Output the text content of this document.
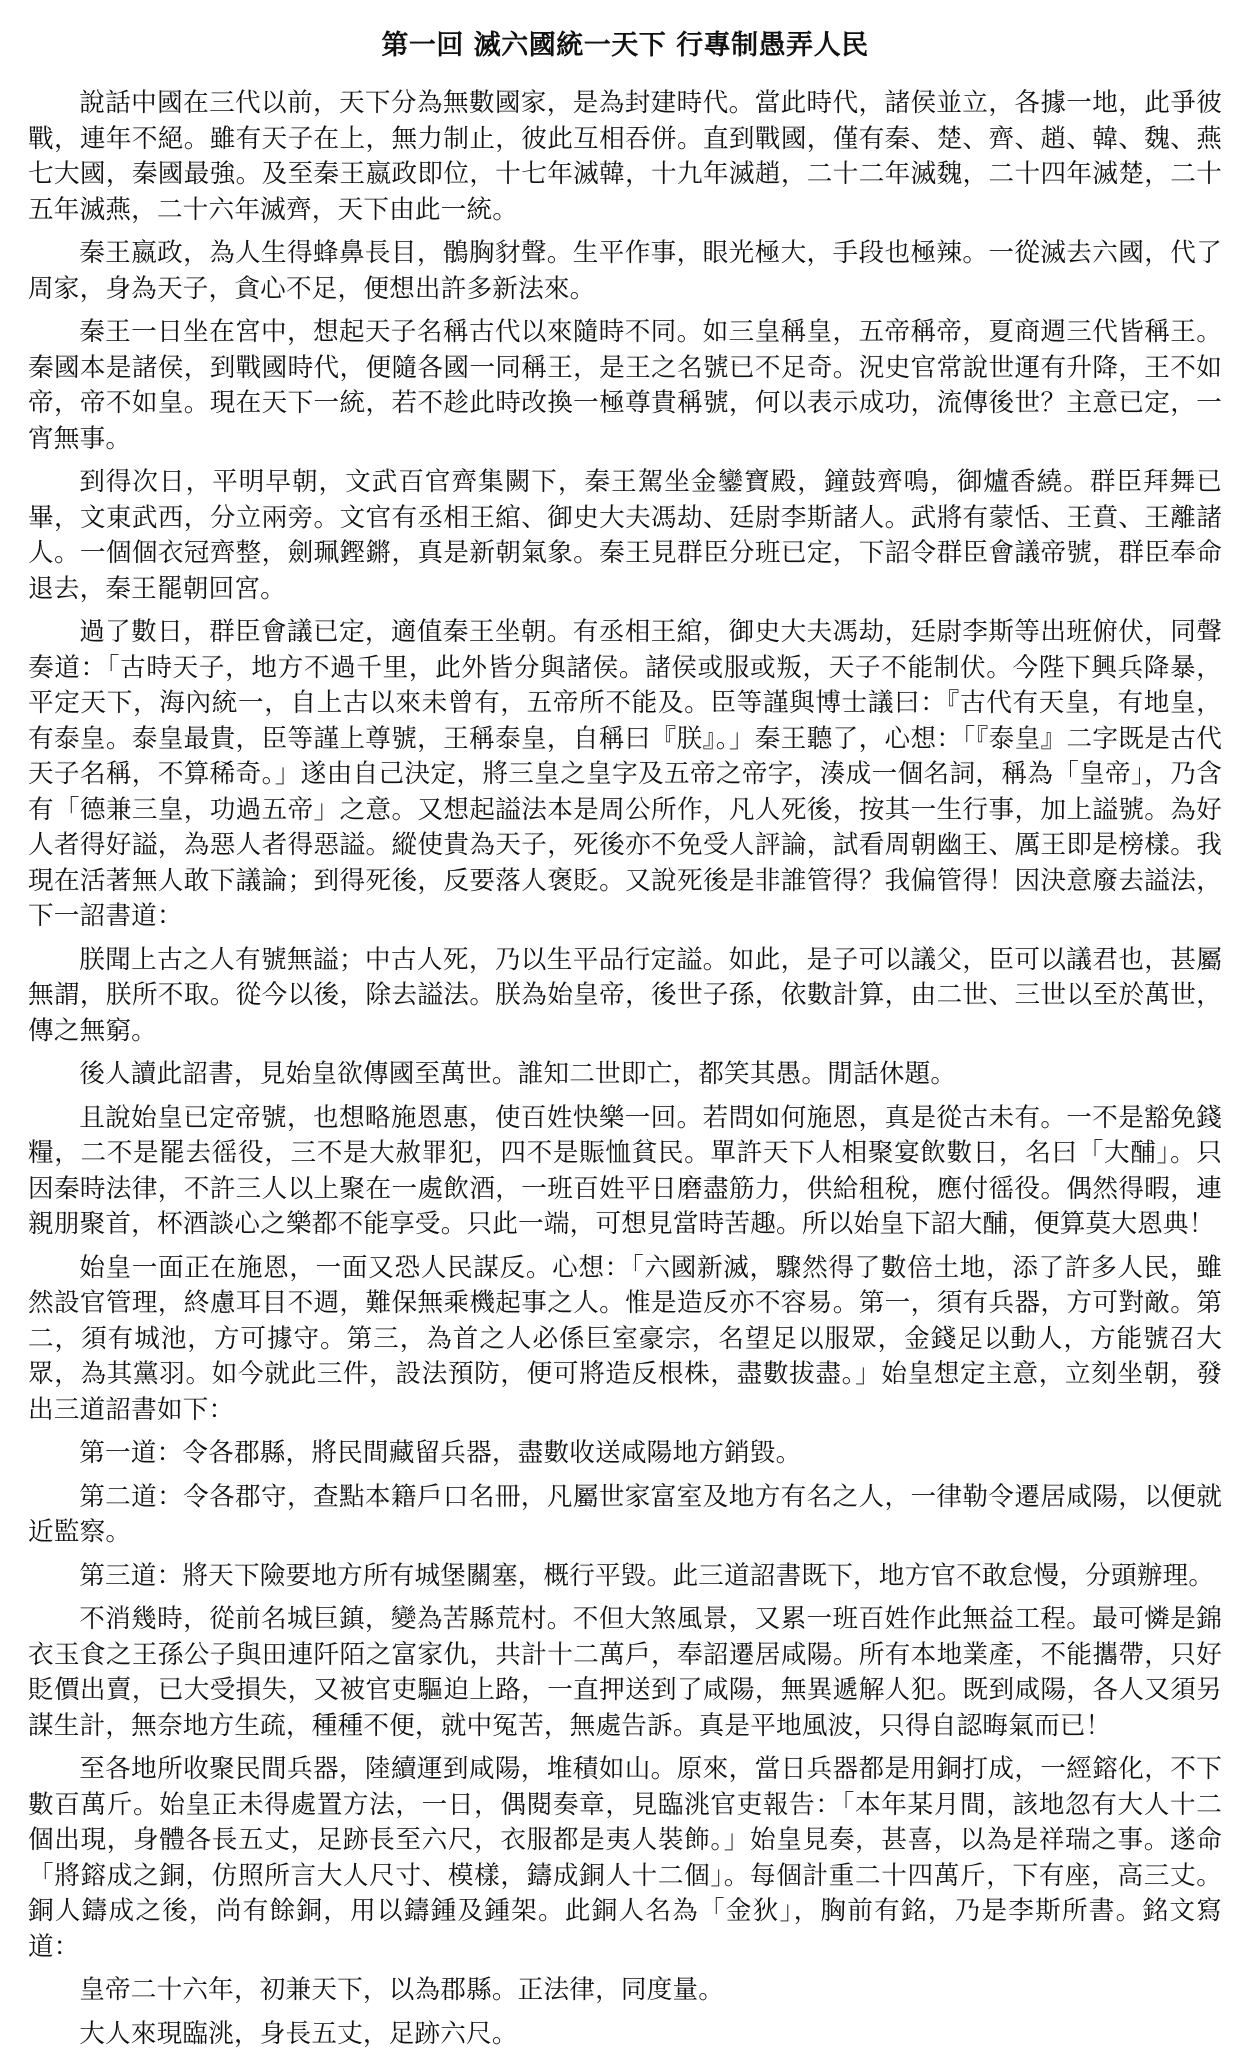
第一回 滅六國統一天下 行專制愚弄人民

說話中國在三代以前，天下分為無數國家，是為封建時代。當此時代，諸侯並立，各據一地，此爭彼戰，連年不絕。雖有天子在上，無力制止，彼此互相吞併。直到戰國，僅有秦、楚、齊、趙、韓、魏、燕七大國，秦國最強。及至秦王嬴政即位，十七年滅韓，十九年滅趙，二十二年滅魏，二十四年滅楚，二十五年滅燕，二十六年滅齊，天下由此一統。

秦王嬴政，為人生得蜂鼻長目，鶻胸豺聲。生平作事，眼光極大，手段也極辣。一從滅去六國，代了周家，身為天子，貪心不足，便想出許多新法來。

秦王一日坐在宮中，想起天子名稱古代以來隨時不同。如三皇稱皇，五帝稱帝，夏商週三代皆稱王。秦國本是諸侯，到戰國時代，便隨各國一同稱王，是王之名號已不足奇。況史官常說世運有升降，王不如帝，帝不如皇。現在天下一統，若不趁此時改換一極尊貴稱號，何以表示成功，流傳後世？主意已定，一宵無事。

到得次日，平明早朝，文武百官齊集闕下，秦王駕坐金鑾寶殿，鐘鼓齊鳴，御爐香繞。群臣拜舞已畢，文東武西，分立兩旁。文官有丞相王綰、御史大夫馮劫、廷尉李斯諸人。武將有蒙恬、王賁、王離諸人。一個個衣冠齊整，劍珮鏗鏘，真是新朝氣象。秦王見群臣分班已定，下詔令群臣會議帝號，群臣奉命退去，秦王罷朝回宮。

過了數日，群臣會議已定，適值秦王坐朝。有丞相王綰，御史大夫馮劫，廷尉李斯等出班俯伏，同聲奏道：「古時天子，地方不過千里，此外皆分與諸侯。諸侯或服或叛，天子不能制伏。今陛下興兵降暴，平定天下，海內統一，自上古以來未曾有，五帝所不能及。臣等謹與博士議曰：『古代有天皇，有地皇，有泰皇。泰皇最貴，臣等謹上尊號，王稱泰皇，自稱曰『朕』。」秦王聽了，心想：「『泰皇』二字既是古代天子名稱，不算稀奇。」遂由自己決定，將三皇之皇字及五帝之帝字，湊成一個名詞，稱為「皇帝」，乃含有「德兼三皇，功過五帝」之意。又想起謚法本是周公所作，凡人死後，按其一生行事，加上謚號。為好人者得好謚，為惡人者得惡謚。縱使貴為天子，死後亦不免受人評論，試看周朝幽王、厲王即是榜樣。我現在活著無人敢下議論；到得死後，反要落人褒貶。又說死後是非誰管得？我偏管得！因決意廢去謚法，下一詔書道：

朕聞上古之人有號無謚；中古人死，乃以生平品行定謚。如此，是子可以議父，臣可以議君也，甚屬無謂，朕所不取。從今以後，除去謚法。朕為始皇帝，後世子孫，依數計算，由二世、三世以至於萬世，傳之無窮。

後人讀此詔書，見始皇欲傳國至萬世。誰知二世即亡，都笑其愚。閒話休題。

且說始皇已定帝號，也想略施恩惠，使百姓快樂一回。若問如何施恩，真是從古未有。一不是豁免錢糧，二不是罷去徭役，三不是大赦罪犯，四不是賑恤貧民。單許天下人相聚宴飲數日，名曰「大酺」。只因秦時法律，不許三人以上聚在一處飲酒，一班百姓平日磨盡筋力，供給租稅，應付徭役。偶然得暇，連親朋聚首，杯酒談心之樂都不能享受。只此一端，可想見當時苦趣。所以始皇下詔大酺，便算莫大恩典！

始皇一面正在施恩，一面又恐人民謀反。心想：「六國新滅，驟然得了數倍土地，添了許多人民，雖然設官管理，終慮耳目不週，難保無乘機起事之人。惟是造反亦不容易。第一，須有兵器，方可對敵。第二，須有城池，方可據守。第三，為首之人必係巨室豪宗，名望足以服眾，金錢足以動人，方能號召大眾，為其黨羽。如今就此三件，設法預防，便可將造反根株，盡數拔盡。」始皇想定主意，立刻坐朝，發出三道詔書如下：

第一道：令各郡縣，將民間藏留兵器，盡數收送咸陽地方銷毀。

第二道：令各郡守，查點本籍戶口名冊，凡屬世家富室及地方有名之人，一律勒令遷居咸陽，以便就近監察。

第三道：將天下險要地方所有城堡關塞，概行平毀。此三道詔書既下，地方官不敢怠慢，分頭辦理。

不消幾時，從前名城巨鎮，變為苦縣荒村。不但大煞風景，又累一班百姓作此無益工程。最可憐是錦衣玉食之王孫公子與田連阡陌之富家仇，共計十二萬戶，奉詔遷居咸陽。所有本地業產，不能攜帶，只好貶價出賣，已大受損失，又被官吏驅迫上路，一直押送到了咸陽，無異遞解人犯。既到咸陽，各人又須另謀生計，無奈地方生疏，種種不便，就中冤苦，無處告訴。真是平地風波，只得自認晦氣而已！

至各地所收聚民間兵器，陸續運到咸陽，堆積如山。原來，當日兵器都是用銅打成，一經鎔化，不下數百萬斤。始皇正未得處置方法，一日，偶閱奏章，見臨洮官吏報告：「本年某月間，該地忽有大人十二個出現，身體各長五丈，足跡長至六尺，衣服都是夷人裝飾。」始皇見奏，甚喜，以為是祥瑞之事。遂命「將鎔成之銅，仿照所言大人尺寸、模樣，鑄成銅人十二個」。每個計重二十四萬斤，下有座，高三丈。銅人鑄成之後，尚有餘銅，用以鑄鍾及鍾架。此銅人名為「金狄」，胸前有銘，乃是李斯所書。銘文寫道：

皇帝二十六年，初兼天下，以為郡縣。正法律，同度量。

大人來現臨洮，身長五丈，足跡六尺。
